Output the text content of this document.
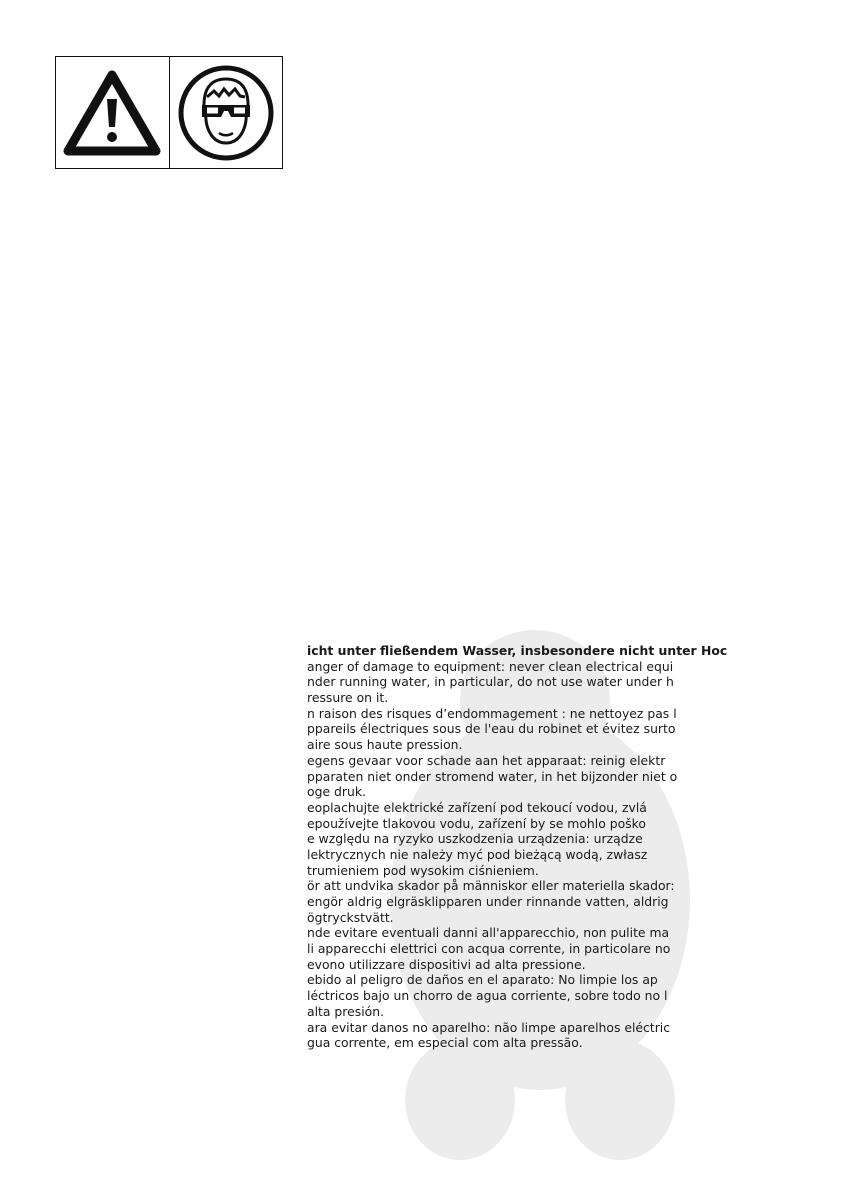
icht unter fließendem Wasser, insbesondere nicht unter Hoc
anger of damage to equipment: never clean electrical equi
nder running water, in particular, do not use water under h
ressure on it.
n raison des risques d’endommagement : ne nettoyez pas l
ppareils électriques sous de l'eau du robinet et évitez surto
aire sous haute pression.
egens gevaar voor schade aan het apparaat: reinig elektr
pparaten niet onder stromend water, in het bijzonder niet o
oge druk.
eoplachujte elektrické zařízení pod tekoucí vodou, zvlá
epoužívejte tlakovou vodu, zařízení by se mohlo poško
e względu na ryzyko uszkodzenia urządzenia: urządze
lektrycznych nie należy myć pod bieżącą wodą, zwłasz
trumieniem pod wysokim ciśnieniem.
ör att undvika skador på människor eller materiella skador:
engör aldrig elgräsklipparen under rinnande vatten, aldrig
ögtryckstvätt.
nde evitare eventuali danni all'apparecchio, non pulite ma
li apparecchi elettrici con acqua corrente, in particolare no
evono utilizzare dispositivi ad alta pressione.
ebido al peligro de daños en el aparato: No limpie los ap
léctricos bajo un chorro de agua corriente, sobre todo no l
alta presión.
ara evitar danos no aparelho: não limpe aparelhos eléctric
gua corrente, em especial com alta pressão.
